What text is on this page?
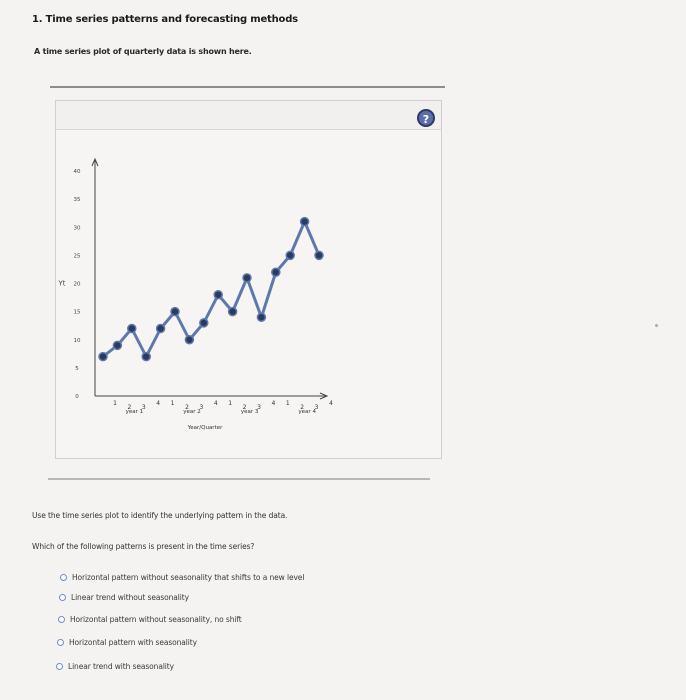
1. Time series patterns and forecasting methods
A time series plot of quarterly data is shown here.
?
0
5
10
15
20
25
30
35
40
Yt
1
2 3
4 1
2 3
4 1
2 3
4 1
2 3
4
year 1	year 2	year 3	year 4
Year/Quarter
Use the time series plot to identify the underlying pattern in the data.
Which of the following patterns is present in the time series?
Horizontal pattern without seasonality that shifts to a new level
Linear trend without seasonality
Horizontal pattern without seasonality, no shift
Horizontal pattern with seasonality
Linear trend with seasonality
